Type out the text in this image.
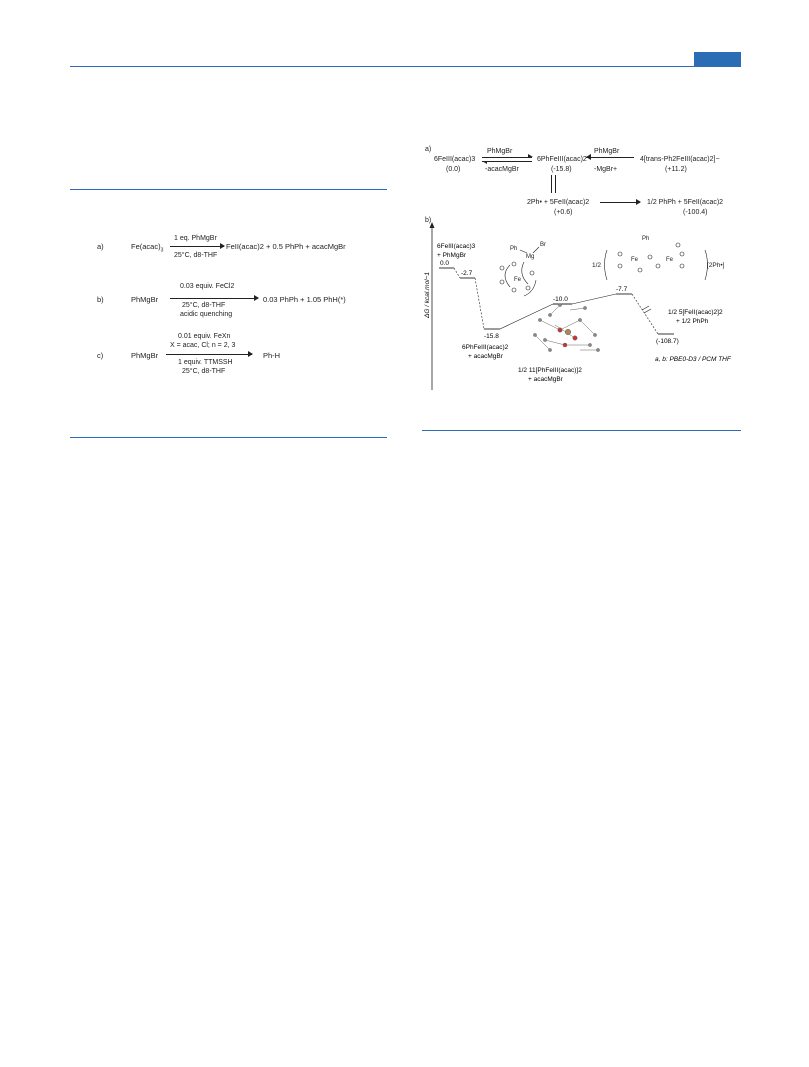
a)	$Fe(acac)_3$
1 eq. PhMgBr
25°C, d8-THF
FeII(acac)2 + 0.5 PhPh + acacMgBr
b)	PhMgBr
0.03 equiv. FeCl2
25°C, d8-THF
acidic quenching
0.03 PhPh + 1.05 PhH(*)
c)	PhMgBr
0.01 equiv. FeXn
X = acac, Cl; n = 2, 3
1 equiv. TTMSSH
25°C, d8-THF
Ph-H
a)
6FeIII(acac)3
(0.0)
PhMgBr
-acacMgBr
6PhFeIII(acac)2
(-15.8)
PhMgBr
-MgBr+
4[trans-Ph2FeIII(acac)2]−
(+11.2)
2Ph• + 5FeII(acac)2
(+0.6)
1/2 PhPh + 5FeII(acac)2
(-100.4)
b)
ΔG / kcal.mol−1
0.0
-2.7
-15.8
-10.0
-7.7
(-108.7)
6FeIII(acac)3
+ PhMgBr
6PhFeIII(acac)2
+ acacMgBr
1/2 11[PhFeIII(acac)]2
+ acacMgBr
1/2 5[FeII(acac)2]2
+ 1/2 PhPh
a, b: PBE0-D3 / PCM THF
Ph
Br
Mg
Fe
1/2
Ph
Fe	Fe
[2Ph•]
